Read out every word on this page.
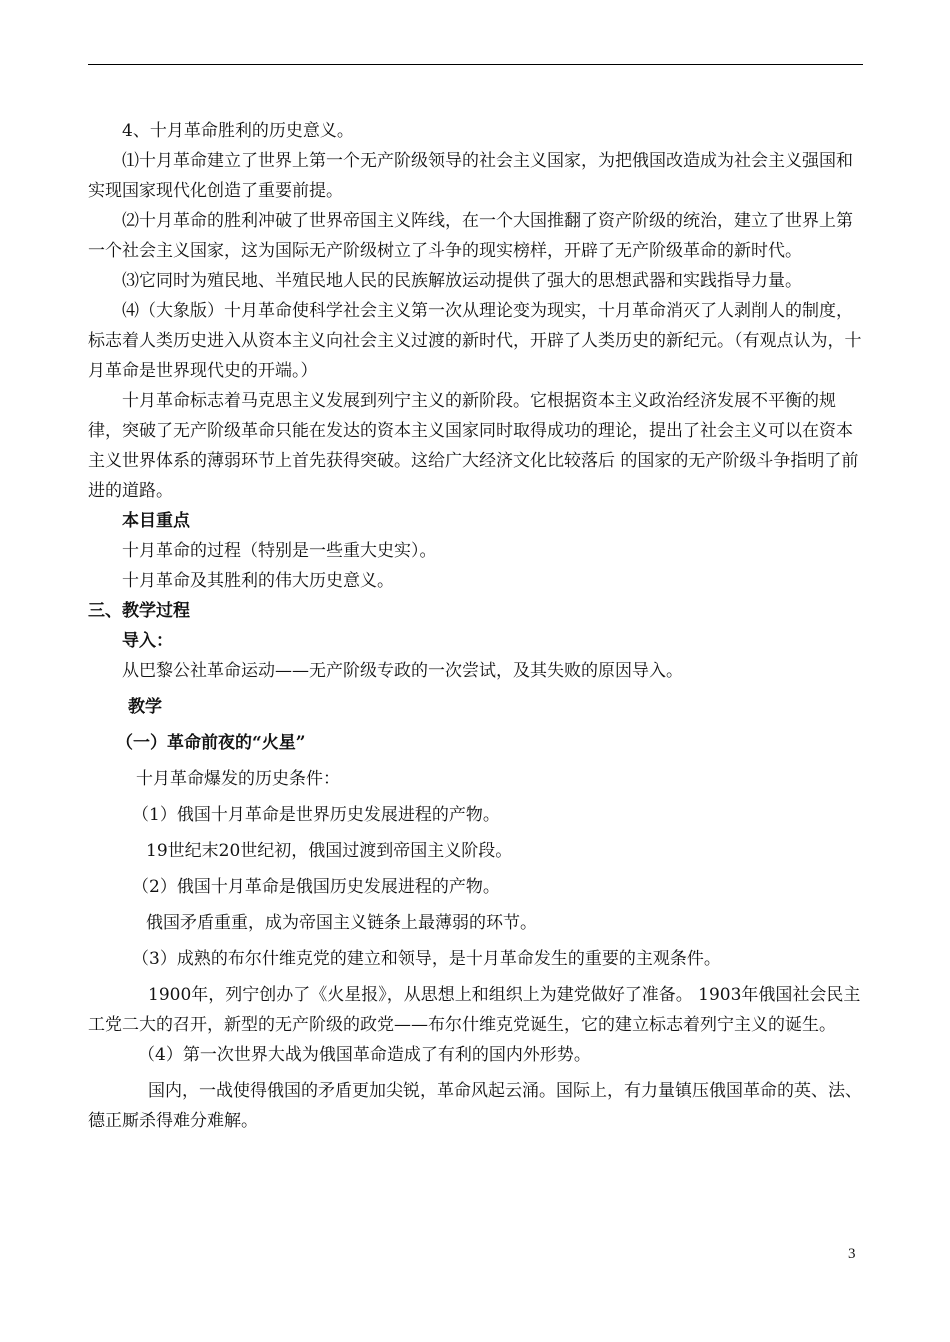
4、十月革命胜利的历史意义。

⑴十月革命建立了世界上第一个无产阶级领导的社会主义国家，为把俄国改造成为社会主义强国和实现国家现代化创造了重要前提。

⑵十月革命的胜利冲破了世界帝国主义阵线，在一个大国推翻了资产阶级的统治，建立了世界上第一个社会主义国家，这为国际无产阶级树立了斗争的现实榜样，开辟了无产阶级革命的新时代。

⑶它同时为殖民地、半殖民地人民的民族解放运动提供了强大的思想武器和实践指导力量。

⑷（大象版）十月革命使科学社会主义第一次从理论变为现实，十月革命消灭了人剥削人的制度，标志着人类历史进入从资本主义向社会主义过渡的新时代，开辟了人类历史的新纪元。（有观点认为，十月革命是世界现代史的开端。）

十月革命标志着马克思主义发展到列宁主义的新阶段。它根据资本主义政治经济发展不平衡的规律，突破了无产阶级革命只能在发达的资本主义国家同时取得成功的理论，提出了社会主义可以在资本主义世界体系的薄弱环节上首先获得突破。这给广大经济文化比较落后 的国家的无产阶级斗争指明了前进的道路。

本目重点

十月革命的过程（特别是一些重大史实）。

十月革命及其胜利的伟大历史意义。

三、教学过程

导入：

从巴黎公社革命运动——无产阶级专政的一次尝试，及其失败的原因导入。

教学

（一）革命前夜的“火星”

十月革命爆发的历史条件：

（1）俄国十月革命是世界历史发展进程的产物。

19世纪末20世纪初，俄国过渡到帝国主义阶段。

（2）俄国十月革命是俄国历史发展进程的产物。

俄国矛盾重重，成为帝国主义链条上最薄弱的环节。

（3）成熟的布尔什维克党的建立和领导，是十月革命发生的重要的主观条件。

1900年，列宁创办了《火星报》，从思想上和组织上为建党做好了准备。 1903年俄国社会民主工党二大的召开，新型的无产阶级的政党——布尔什维克党诞生，它的建立标志着列宁主义的诞生。

（4）第一次世界大战为俄国革命造成了有利的国内外形势。

国内，一战使得俄国的矛盾更加尖锐，革命风起云涌。国际上，有力量镇压俄国革命的英、法、德正厮杀得难分难解。

3
